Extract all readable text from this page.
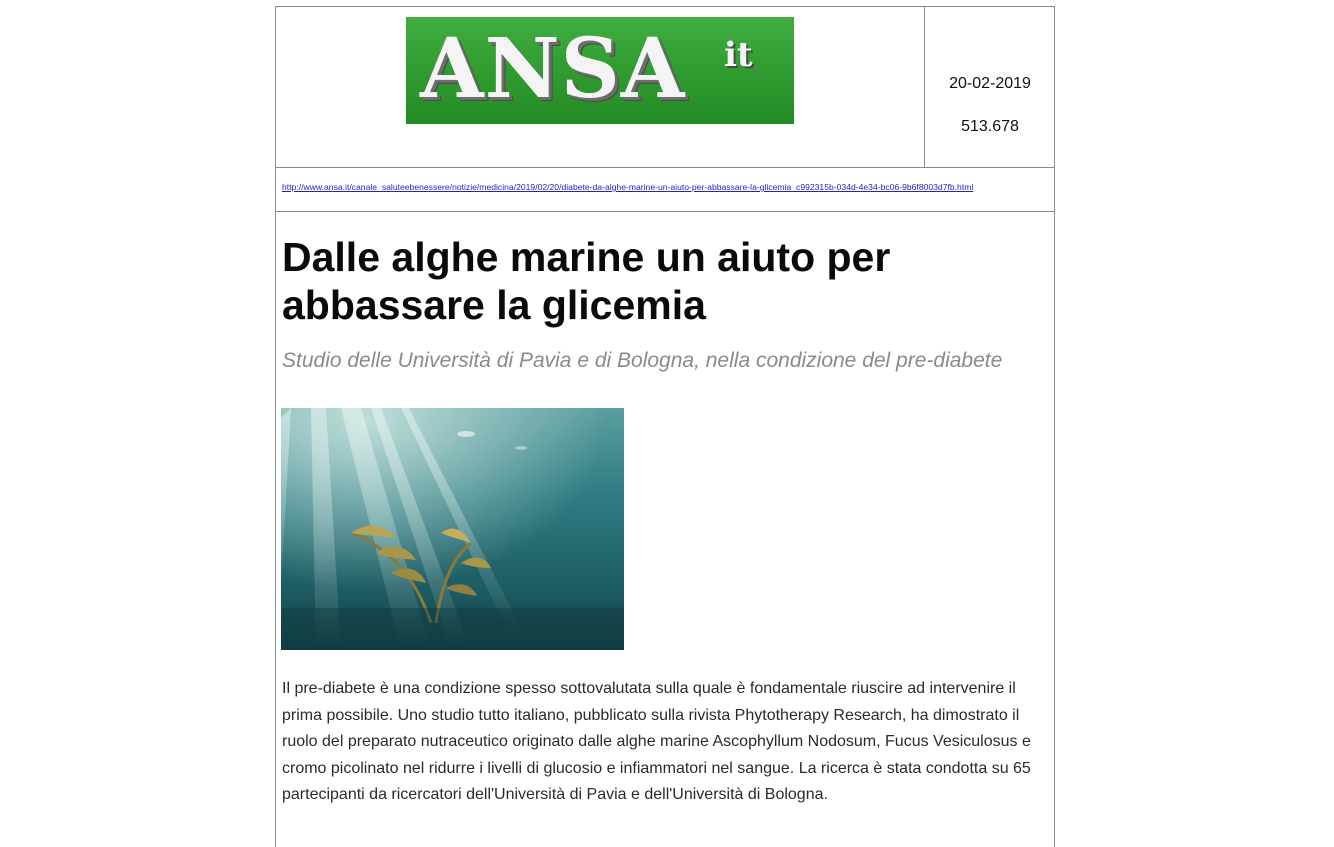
ANSA it
20-02-2019
513.678
http://www.ansa.it/canale_saluteebenessere/notizie/medicina/2019/02/20/diabete-da-alghe-marine-un-aiuto-per-abbassare-la-glicemia_c992315b-034d-4e34-bc06-9b6f8003d7fb.html
Dalle alghe marine un aiuto per abbassare la glicemia
Studio delle Università di Pavia e di Bologna, nella condizione del pre-diabete
Il pre-diabete è una condizione spesso sottovalutata sulla quale è fondamentale riuscire ad intervenire il prima possibile. Uno studio tutto italiano, pubblicato sulla rivista Phytotherapy Research, ha dimostrato il ruolo del preparato nutraceutico originato dalle alghe marine Ascophyllum Nodosum, Fucus Vesiculosus e cromo picolinato nel ridurre i livelli di glucosio e infiammatori nel sangue. La ricerca è stata condotta su 65 partecipanti da ricercatori dell'Università di Pavia e dell'Università di Bologna.
